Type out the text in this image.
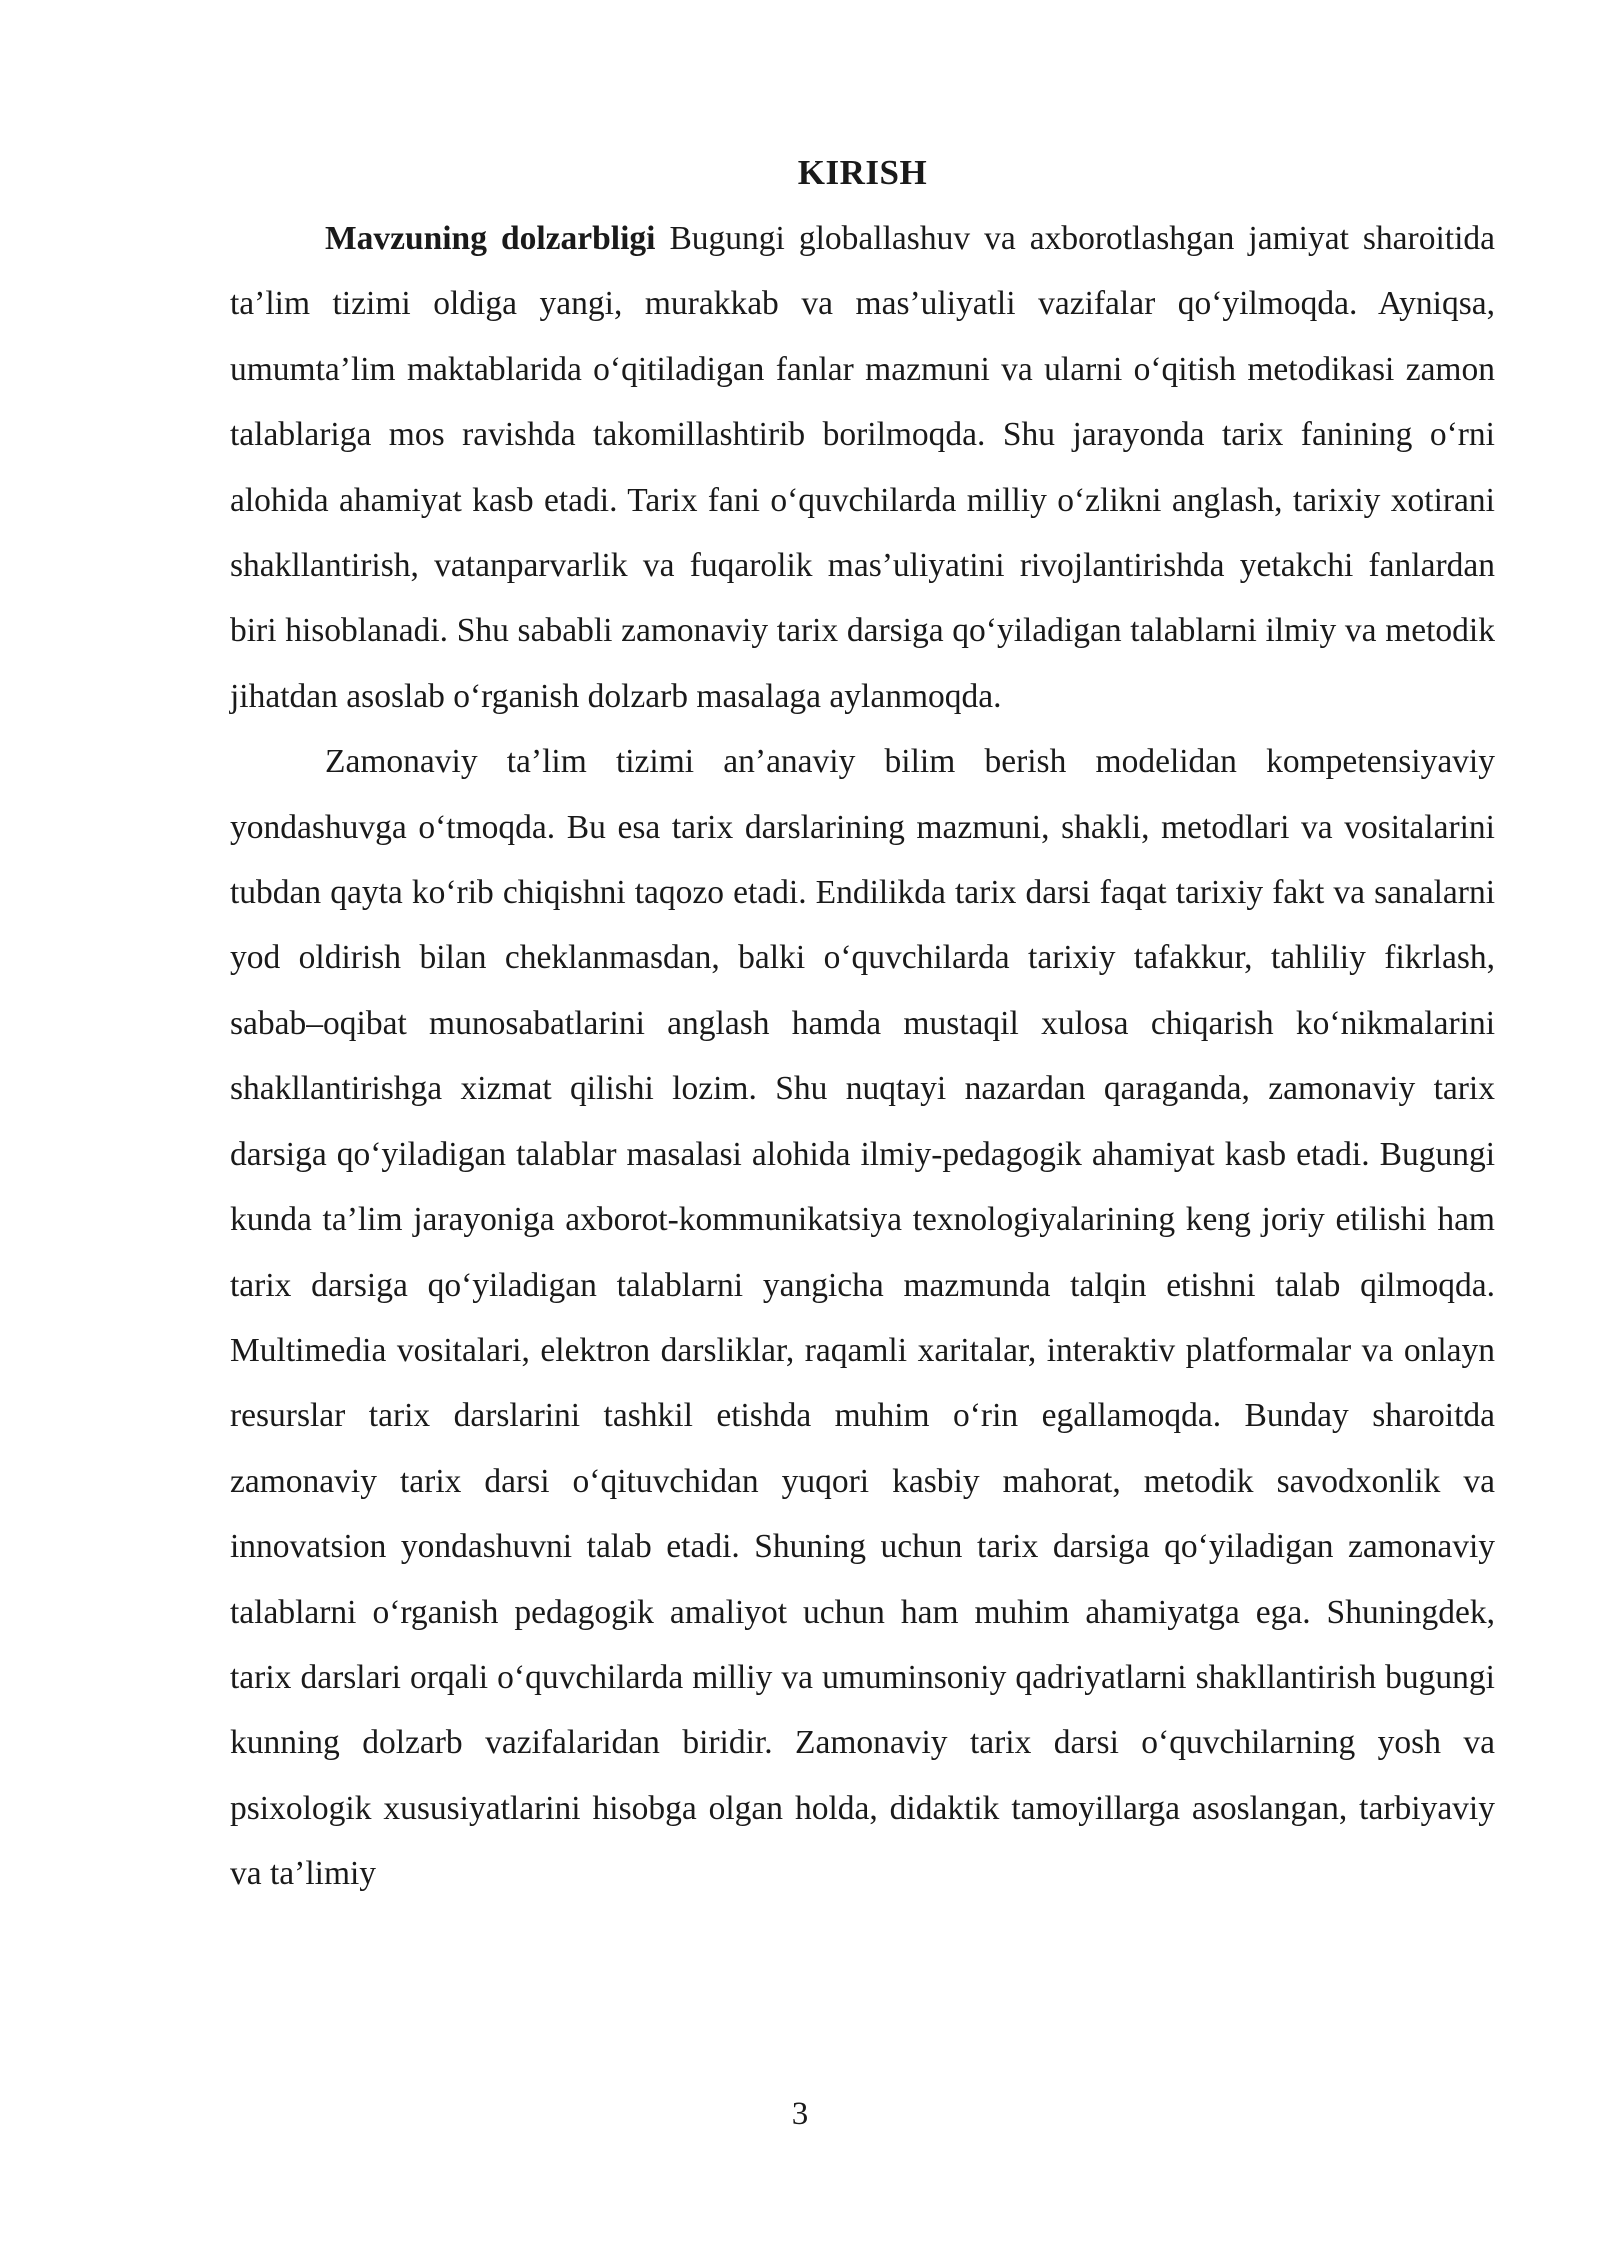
KIRISH

Mavzuning dolzarbligi Bugungi globallashuv va axborotlashgan jamiyat sharoitida ta’lim tizimi oldiga yangi, murakkab va mas’uliyatli vazifalar qo‘yilmoqda. Ayniqsa, umumta’lim maktablarida o‘qitiladigan fanlar mazmuni va ularni o‘qitish metodikasi zamon talablariga mos ravishda takomillashtirib borilmoqda. Shu jarayonda tarix fanining o‘rni alohida ahamiyat kasb etadi. Tarix fani o‘quvchilarda milliy o‘zlikni anglash, tarixiy xotirani shakllantirish, vatanparvarlik va fuqarolik mas’uliyatini rivojlantirishda yetakchi fanlardan biri hisoblanadi. Shu sababli zamonaviy tarix darsiga qo‘yiladigan talablarni ilmiy va metodik jihatdan asoslab o‘rganish dolzarb masalaga aylanmoqda.

Zamonaviy ta’lim tizimi an’anaviy bilim berish modelidan kompetensiyaviy yondashuvga o‘tmoqda. Bu esa tarix darslarining mazmuni, shakli, metodlari va vositalarini tubdan qayta ko‘rib chiqishni taqozo etadi. Endilikda tarix darsi faqat tarixiy fakt va sanalarni yod oldirish bilan cheklanmasdan, balki o‘quvchilarda tarixiy tafakkur, tahliliy fikrlash, sabab–oqibat munosabatlarini anglash hamda mustaqil xulosa chiqarish ko‘nikmalarini shakllantirishga xizmat qilishi lozim. Shu nuqtayi nazardan qaraganda, zamonaviy tarix darsiga qo‘yiladigan talablar masalasi alohida ilmiy-pedagogik ahamiyat kasb etadi. Bugungi kunda ta’lim jarayoniga axborot-kommunikatsiya texnologiyalarining keng joriy etilishi ham tarix darsiga qo‘yiladigan talablarni yangicha mazmunda talqin etishni talab qilmoqda. Multimedia vositalari, elektron darsliklar, raqamli xaritalar, interaktiv platformalar va onlayn resurslar tarix darslarini tashkil etishda muhim o‘rin egallamoqda. Bunday sharoitda zamonaviy tarix darsi o‘qituvchidan yuqori kasbiy mahorat, metodik savodxonlik va innovatsion yondashuvni talab etadi. Shuning uchun tarix darsiga qo‘yiladigan zamonaviy talablarni o‘rganish pedagogik amaliyot uchun ham muhim ahamiyatga ega. Shuningdek, tarix darslari orqali o‘quvchilarda milliy va umuminsoniy qadriyatlarni shakllantirish bugungi kunning dolzarb vazifalaridan biridir. Zamonaviy tarix darsi o‘quvchilarning yosh va psixologik xususiyatlarini hisobga olgan holda, didaktik tamoyillarga asoslangan, tarbiyaviy va ta’limiy

3
